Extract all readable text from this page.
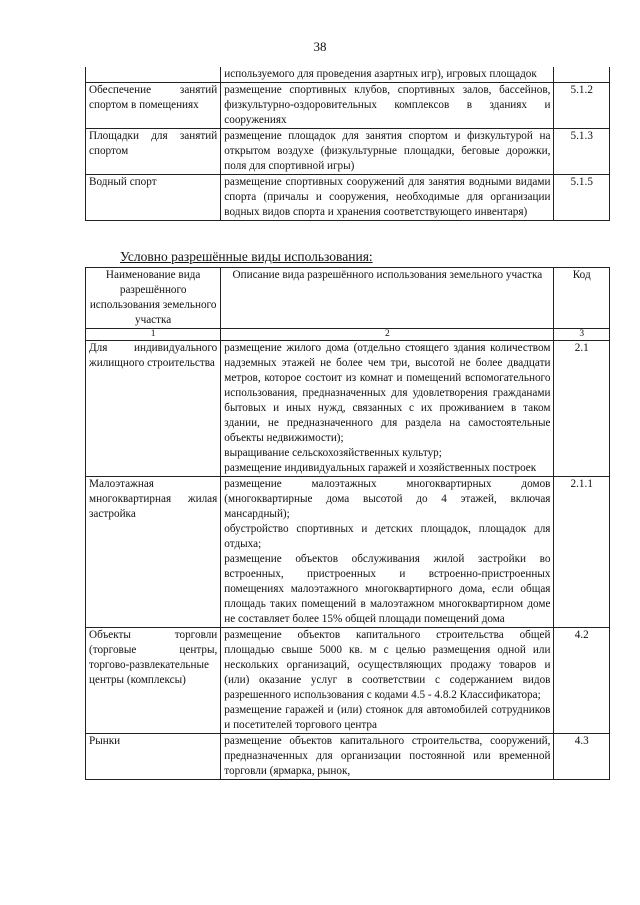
38

	используемого для проведения азартных игр), игровых площадок	

Обеспечение занятий спортом в помещениях	размещение спортивных клубов, спортивных залов, бассейнов, физкультурно-оздоровительных комплексов в зданиях и сооружениях	5.1.2
Площадки для занятий спортом	размещение площадок для занятия спортом и физкультурой на открытом воздухе (физкультурные площадки, беговые дорожки, поля для спортивной игры)	5.1.3
Водный спорт	размещение спортивных сооружений для занятия водными видами спорта (причалы и сооружения, необходимые для организации водных видов спорта и хранения соответствующего инвентаря)	5.1.5
Условно разрешённые виды использования:
Наименование вида разрешённого использования земельного участка	Описание вида разрешённого использования земельного участка	Код
1	2	3
Для индивидуального жилищного строительства	размещение жилого дома (отдельно стоящего здания количеством надземных этажей не более чем три, высотой не более двадцати метров, которое состоит из комнат и помещений вспомогательного использования, предназначенных для удовлетворения гражданами бытовых и иных нужд, связанных с их проживанием в таком здании, не предназначенного для раздела на самостоятельные объекты недвижимости);
выращивание сельскохозяйственных культур;
размещение индивидуальных гаражей и хозяйственных построек	2.1
Малоэтажная многоквартирная жилая застройка	размещение малоэтажных многоквартирных домов (многоквартирные дома высотой до 4 этажей, включая мансардный);
обустройство спортивных и детских площадок, площадок для отдыха;
размещение объектов обслуживания жилой застройки во встроенных, пристроенных и встроенно-пристроенных помещениях малоэтажного многоквартирного дома, если общая площадь таких помещений в малоэтажном многоквартирном доме не составляет более 15% общей площади помещений дома	2.1.1
Объекты торговли (торговые центры, торгово-развлекательные центры (комплексы)	размещение объектов капитального строительства общей площадью свыше 5000 кв. м с целью размещения одной или нескольких организаций, осуществляющих продажу товаров и (или) оказание услуг в соответствии с содержанием видов разрешенного использования с кодами 4.5 - 4.8.2 Классификатора;
размещение гаражей и (или) стоянок для автомобилей сотрудников и посетителей торгового центра	4.2
Рынки	размещение объектов капитального строительства, сооружений, предназначенных для организации постоянной или временной торговли (ярмарка, рынок,	4.3
